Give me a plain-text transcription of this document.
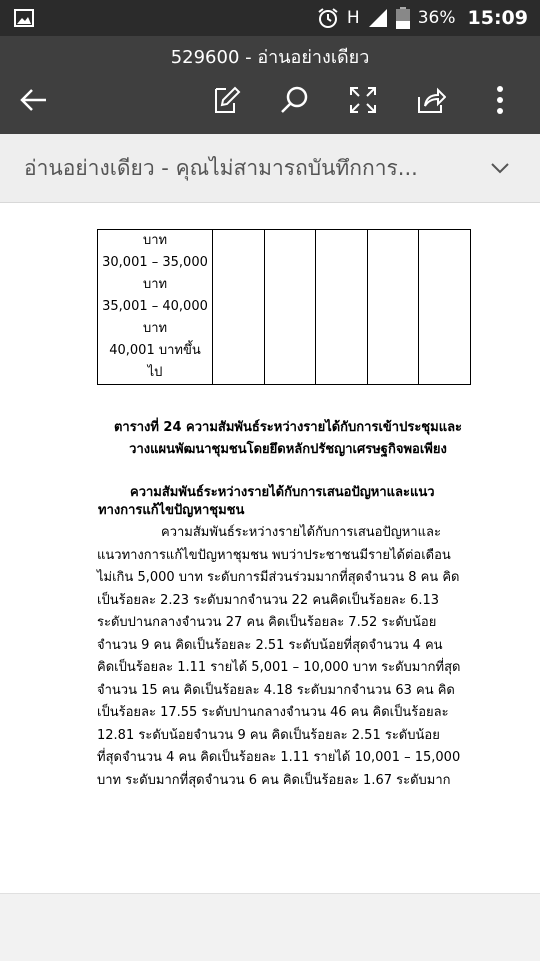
H	36% 15:09
529600 - อ่านอย่างเดียว
อ่านอย่างเดียว - คุณไม่สามารถบันทึกการ...
บาท
30,001 – 35,000
บาท
35,001 – 40,000
บาท
40,001 บาทขึ้น
ไป

ตารางที่ 24 ความสัมพันธ์ระหว่างรายได้กับการเข้าประชุมและ
วางแผนพัฒนาชุมชนโดยยึดหลักปรัชญาเศรษฐกิจพอเพียง
ความสัมพันธ์ระหว่างรายได้กับการเสนอปัญหาและแนว
ทางการแก้ไขปัญหาชุมชน
ความสัมพันธ์ระหว่างรายได้กับการเสนอปัญหาและ
แนวทางการแก้ไขปัญหาชุมชน พบว่าประชาชนมีรายได้ต่อเดือน
ไม่เกิน 5,000 บาท ระดับการมีส่วนร่วมมากที่สุดจำนวน 8 คน คิด
เป็นร้อยละ 2.23 ระดับมากจำนวน 22 คนคิดเป็นร้อยละ 6.13
ระดับปานกลางจำนวน 27 คน คิดเป็นร้อยละ 7.52 ระดับน้อย
จำนวน 9 คน คิดเป็นร้อยละ 2.51 ระดับน้อยที่สุดจำนวน 4 คน
คิดเป็นร้อยละ 1.11 รายได้ 5,001 – 10,000 บาท ระดับมากที่สุด
จำนวน 15 คน คิดเป็นร้อยละ 4.18 ระดับมากจำนวน 63 คน คิด
เป็นร้อยละ 17.55 ระดับปานกลางจำนวน 46 คน คิดเป็นร้อยละ
12.81 ระดับน้อยจำนวน 9 คน คิดเป็นร้อยละ 2.51 ระดับน้อย
ที่สุดจำนวน 4 คน คิดเป็นร้อยละ 1.11 รายได้ 10,001 – 15,000
บาท ระดับมากที่สุดจำนวน 6 คน คิดเป็นร้อยละ 1.67 ระดับมาก
